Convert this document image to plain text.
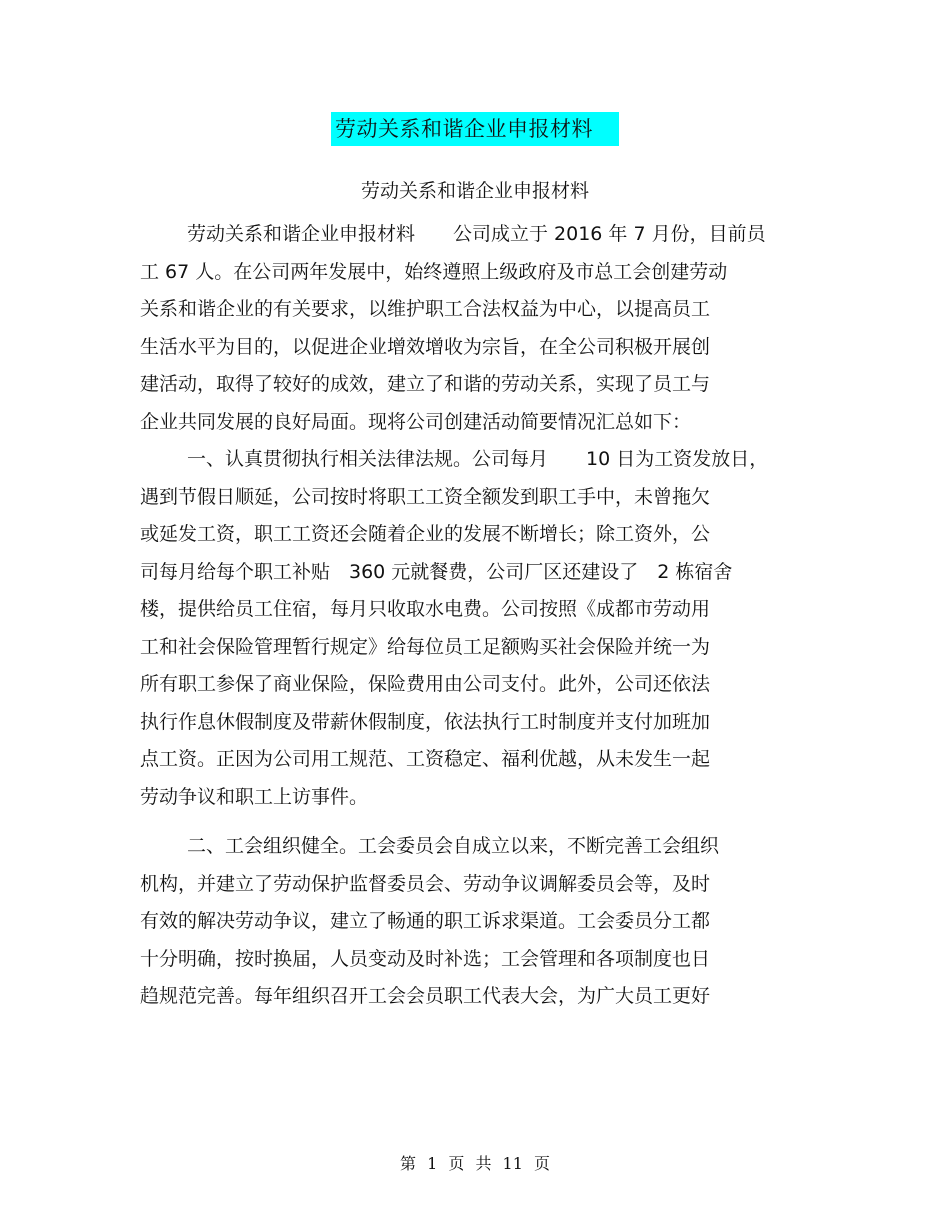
劳动关系和谐企业申报材料
劳动关系和谐企业申报材料
劳动关系和谐企业申报材料　　公司成立于 2016 年 7 月份，目前员
工 67 人。在公司两年发展中，始终遵照上级政府及市总工会创建劳动
关系和谐企业的有关要求，以维护职工合法权益为中心，以提高员工
生活水平为目的，以促进企业增效增收为宗旨，在全公司积极开展创
建活动，取得了较好的成效，建立了和谐的劳动关系，实现了员工与
企业共同发展的良好局面。现将公司创建活动简要情况汇总如下：
一、认真贯彻执行相关法律法规。公司每月　　10 日为工资发放日，
遇到节假日顺延，公司按时将职工工资全额发到职工手中，未曾拖欠
或延发工资，职工工资还会随着企业的发展不断增长；除工资外，公
司每月给每个职工补贴　360 元就餐费，公司厂区还建设了　2 栋宿舍
楼，提供给员工住宿，每月只收取水电费。公司按照《成都市劳动用
工和社会保险管理暂行规定》给每位员工足额购买社会保险并统一为
所有职工参保了商业保险，保险费用由公司支付。此外，公司还依法
执行作息休假制度及带薪休假制度，依法执行工时制度并支付加班加
点工资。正因为公司用工规范、工资稳定、福利优越，从未发生一起
劳动争议和职工上访事件。
二、工会组织健全。工会委员会自成立以来，不断完善工会组织
机构，并建立了劳动保护监督委员会、劳动争议调解委员会等，及时
有效的解决劳动争议，建立了畅通的职工诉求渠道。工会委员分工都
十分明确，按时换届，人员变动及时补选；工会管理和各项制度也日
趋规范完善。每年组织召开工会会员职工代表大会，为广大员工更好
第 1 页 共 11 页
